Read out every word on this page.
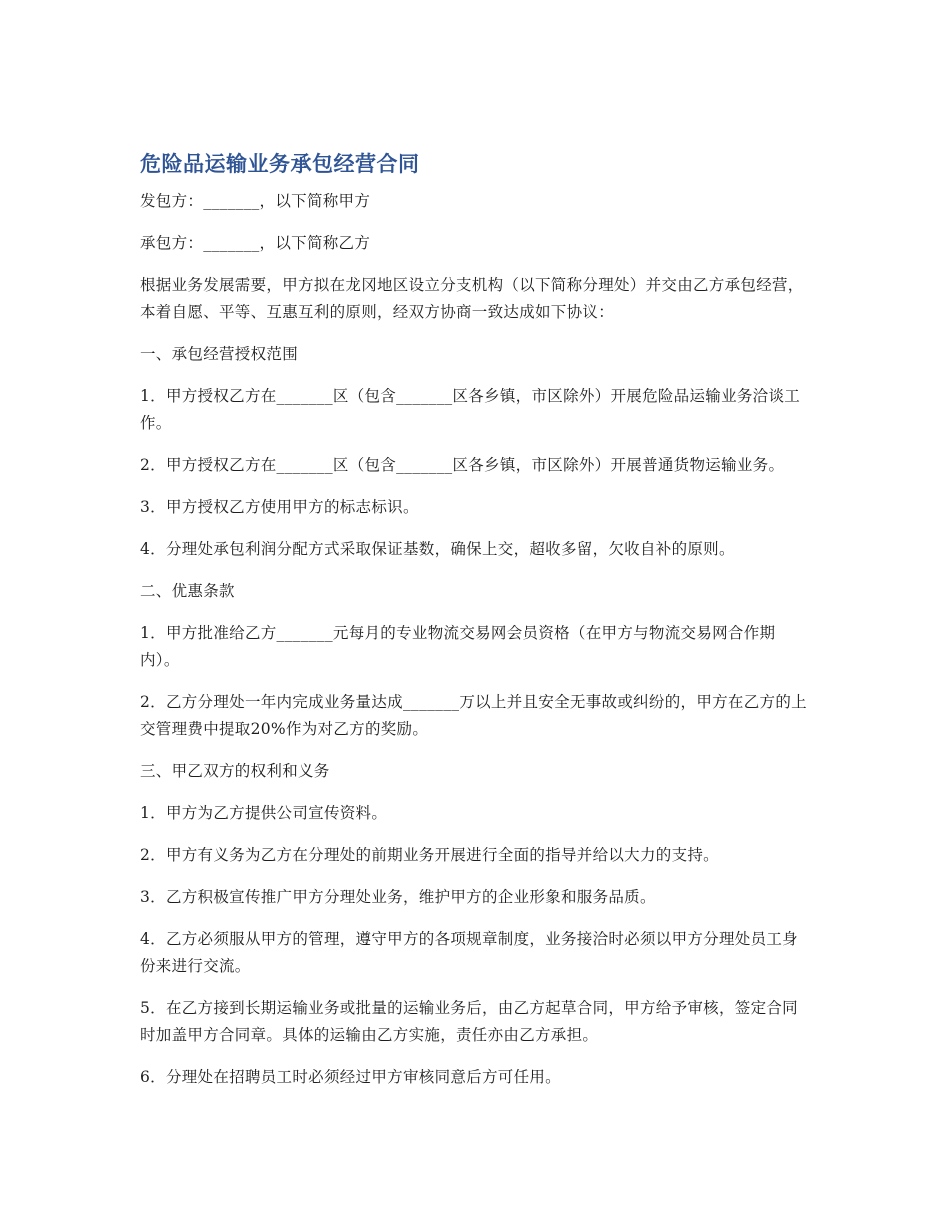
危险品运输业务承包经营合同

发包方：_______，以下简称甲方

承包方：_______，以下简称乙方

根据业务发展需要，甲方拟在龙冈地区设立分支机构（以下简称分理处）并交由乙方承包经营，本着自愿、平等、互惠互利的原则，经双方协商一致达成如下协议：

一、承包经营授权范围

1．甲方授权乙方在_______区（包含_______区各乡镇，市区除外）开展危险品运输业务洽谈工作。

2．甲方授权乙方在_______区（包含_______区各乡镇，市区除外）开展普通货物运输业务。

3．甲方授权乙方使用甲方的标志标识。

4．分理处承包利润分配方式采取保证基数，确保上交，超收多留，欠收自补的原则。

二、优惠条款

1．甲方批准给乙方_______元每月的专业物流交易网会员资格（在甲方与物流交易网合作期内）。

2．乙方分理处一年内完成业务量达成_______万以上并且安全无事故或纠纷的，甲方在乙方的上交管理费中提取20%作为对乙方的奖励。

三、甲乙双方的权利和义务

1．甲方为乙方提供公司宣传资料。

2．甲方有义务为乙方在分理处的前期业务开展进行全面的指导并给以大力的支持。

3．乙方积极宣传推广甲方分理处业务，维护甲方的企业形象和服务品质。

4．乙方必须服从甲方的管理，遵守甲方的各项规章制度，业务接洽时必须以甲方分理处员工身份来进行交流。

5．在乙方接到长期运输业务或批量的运输业务后，由乙方起草合同，甲方给予审核，签定合同时加盖甲方合同章。具体的运输由乙方实施，责任亦由乙方承担。

6．分理处在招聘员工时必须经过甲方审核同意后方可任用。
